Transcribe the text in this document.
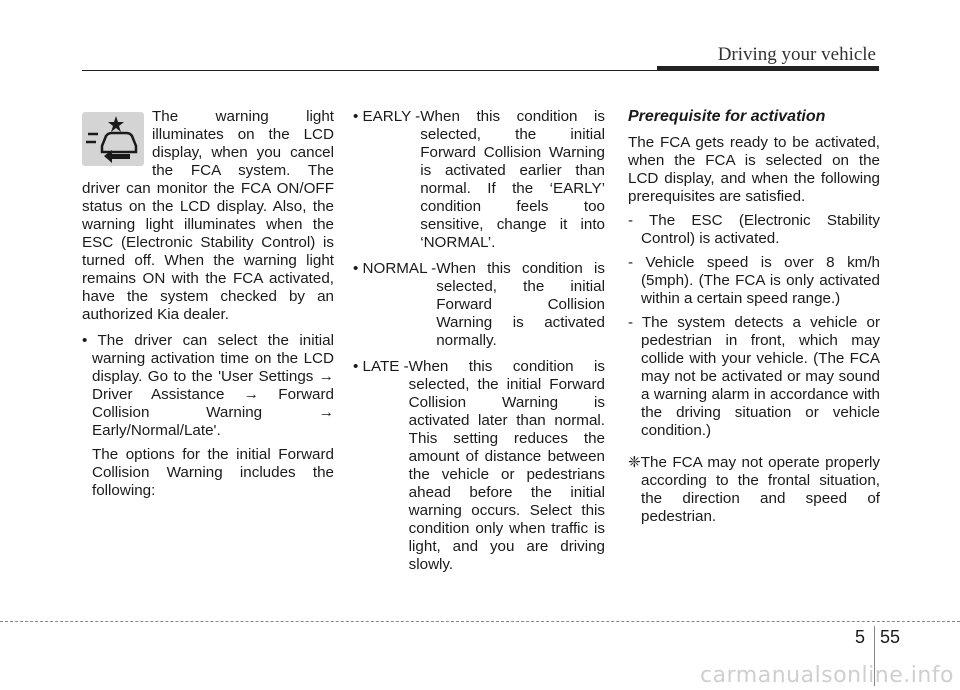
Driving your vehicle

The warning light illuminates on the LCD display, when you cancel the FCA system. The driver can monitor the FCA ON/OFF status on the LCD display. Also, the warning light illuminates when the ESC (Electronic Stability Control) is turned off. When the warning light remains ON with the FCA activated, have the system checked by an authorized Kia dealer.

• The driver can select the initial warning activation time on the LCD display. Go to the 'User Settings → Driver Assistance → Forward Collision Warning → Early/Normal/Late'.

The options for the initial Forward Collision Warning includes the following:

• EARLY - When this condition is selected, the initial Forward Collision Warning is activated earlier than normal. If the ‘EARLY’ condition feels too sensitive, change it into ‘NORMAL’.
• NORMAL - When this condition is selected, the initial Forward Collision Warning is activated normally.
• LATE - When this condition is selected, the initial Forward Collision Warning is activated later than normal. This setting reduces the amount of distance between the vehicle or pedestrians ahead before the initial warning occurs. Select this condition only when traffic is light, and you are driving slowly.

Prerequisite for activation

The FCA gets ready to be activated, when the FCA is selected on the LCD display, and when the following prerequisites are satisfied.

- The ESC (Electronic Stability Control) is activated.

- Vehicle speed is over 8 km/h (5mph). (The FCA is only activated within a certain speed range.)

- The system detects a vehicle or pedestrian in front, which may collide with your vehicle. (The FCA may not be activated or may sound a warning alarm in accordance with the driving situation or vehicle condition.)

❈The FCA may not operate properly according to the frontal situation, the direction and speed of pedestrian.

5 55
carmanualsonline.info
